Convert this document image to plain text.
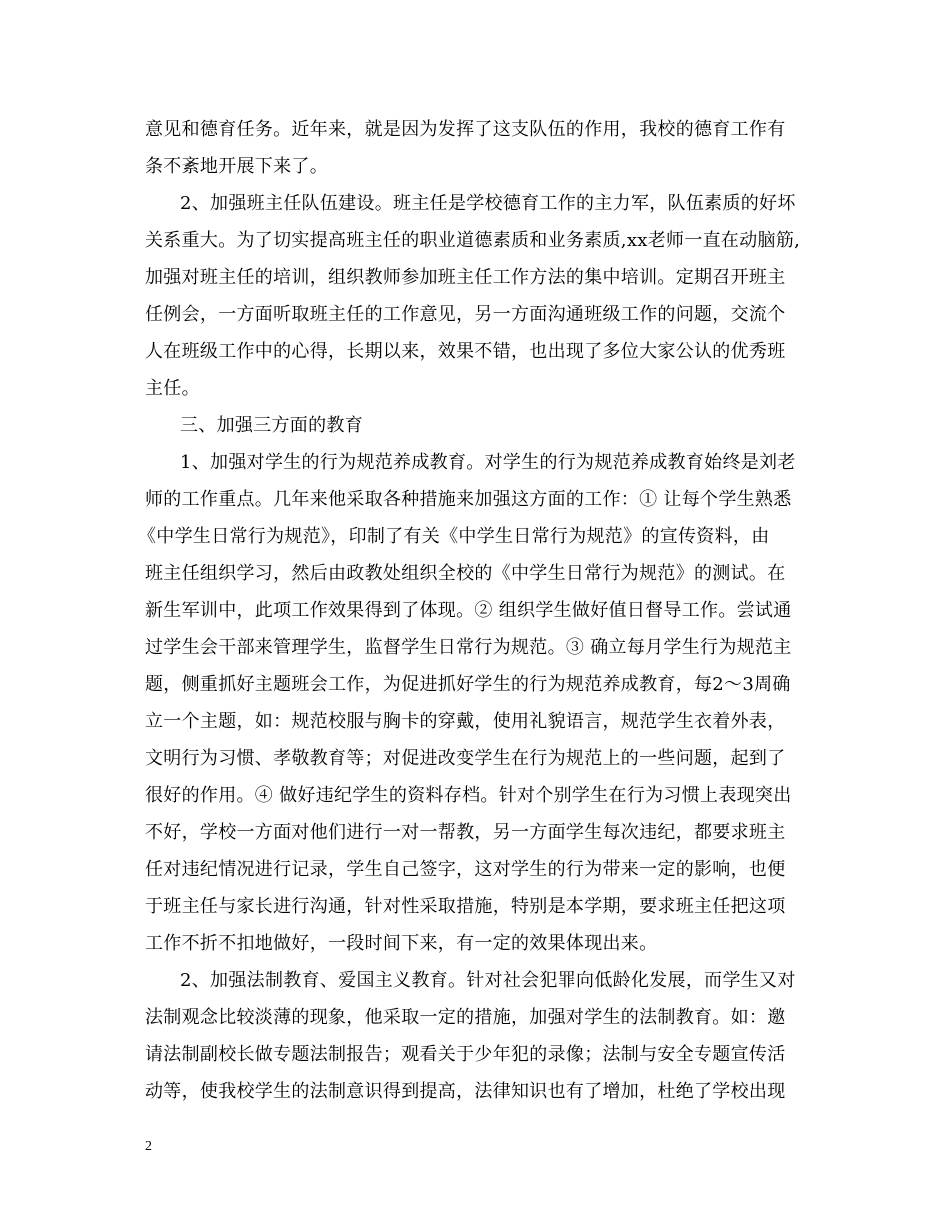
意见和德育任务。近年来，就是因为发挥了这支队伍的作用，我校的德育工作有
条不紊地开展下来了。
2、加强班主任队伍建设。班主任是学校德育工作的主力军，队伍素质的好坏
关系重大。为了切实提高班主任的职业道德素质和业务素质,xx老师一直在动脑筋,
加强对班主任的培训，组织教师参加班主任工作方法的集中培训。定期召开班主
任例会，一方面听取班主任的工作意见，另一方面沟通班级工作的问题，交流个
人在班级工作中的心得，长期以来，效果不错，也出现了多位大家公认的优秀班
主任。
三、加强三方面的教育
1、加强对学生的行为规范养成教育。对学生的行为规范养成教育始终是刘老
师的工作重点。几年来他采取各种措施来加强这方面的工作：① 让每个学生熟悉
《中学生日常行为规范》，印制了有关《中学生日常行为规范》的宣传资料，由
班主任组织学习，然后由政教处组织全校的《中学生日常行为规范》的测试。在
新生军训中，此项工作效果得到了体现。② 组织学生做好值日督导工作。尝试通
过学生会干部来管理学生，监督学生日常行为规范。③ 确立每月学生行为规范主
题，侧重抓好主题班会工作，为促进抓好学生的行为规范养成教育，每2～3周确
立一个主题，如：规范校服与胸卡的穿戴，使用礼貌语言，规范学生衣着外表，
文明行为习惯、孝敬教育等；对促进改变学生在行为规范上的一些问题，起到了
很好的作用。④ 做好违纪学生的资料存档。针对个别学生在行为习惯上表现突出
不好，学校一方面对他们进行一对一帮教，另一方面学生每次违纪，都要求班主
任对违纪情况进行记录，学生自己签字，这对学生的行为带来一定的影响，也便
于班主任与家长进行沟通，针对性采取措施，特别是本学期，要求班主任把这项
工作不折不扣地做好，一段时间下来，有一定的效果体现出来。
2、加强法制教育、爱国主义教育。针对社会犯罪向低龄化发展，而学生又对
法制观念比较淡薄的现象，他采取一定的措施，加强对学生的法制教育。如：邀
请法制副校长做专题法制报告；观看关于少年犯的录像；法制与安全专题宣传活
动等，使我校学生的法制意识得到提高，法律知识也有了增加，杜绝了学校出现
2
